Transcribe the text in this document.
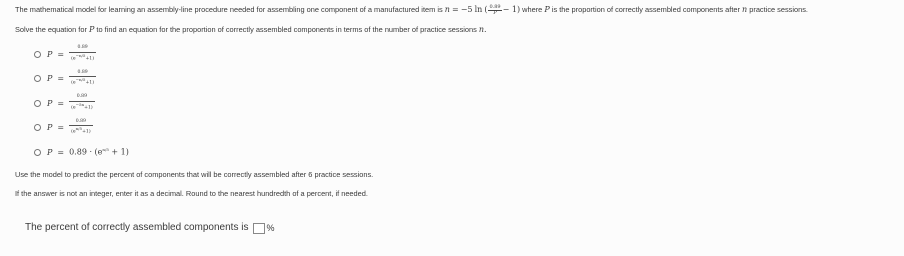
The mathematical model for learning an assembly-line procedure needed for assembling one component of a manufactured item is n = −5 ln ( $\frac{0.89}{P} - 1$) where P is the proportion of correctly assembled components after n practice sessions.
Solve the equation for P to find an equation for the proportion of correctly assembled components in terms of the number of practice sessions n.
$P = \frac{0.89}{(e^{-n/5}+1)}$
$P = \frac{0.89}{(e^{-n/5}+1)}$
$P = \frac{0.89}{(e^{-5n}+1)}$
$P = \frac{0.89}{(e^{n/5}+1)}$
$P = 0.89 \cdot (e^{n/5} + 1)$
Use the model to predict the percent of components that will be correctly assembled after 6 practice sessions.
If the answer is not an integer, enter it as a decimal. Round to the nearest hundredth of a percent, if needed.
The percent of correctly assembled components is %
